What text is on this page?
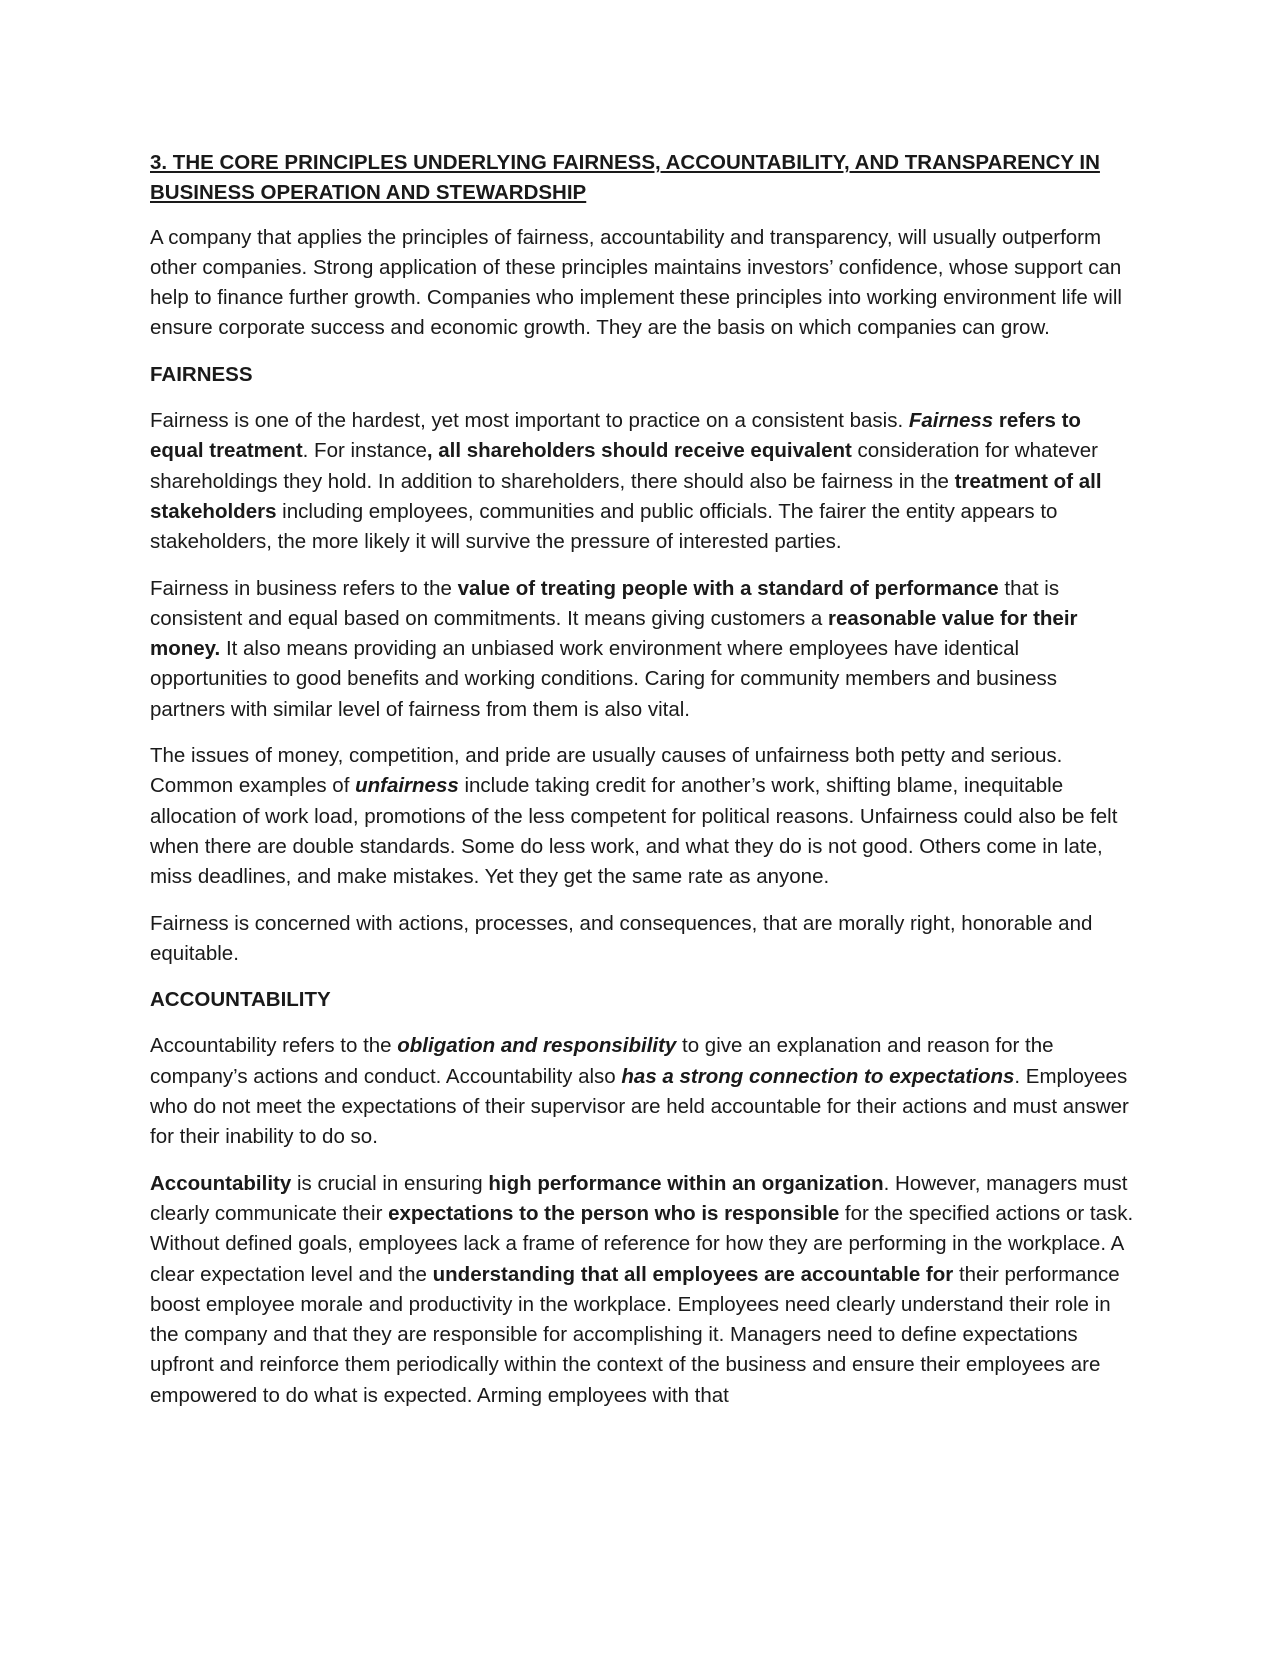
3. THE CORE PRINCIPLES UNDERLYING FAIRNESS, ACCOUNTABILITY, AND TRANSPARENCY IN BUSINESS OPERATION AND STEWARDSHIP

A company that applies the principles of fairness, accountability and transparency, will usually outperform other companies. Strong application of these principles maintains investors’ confidence, whose support can help to finance further growth. Companies who implement these principles into working environment life will ensure corporate success and economic growth. They are the basis on which companies can grow.

FAIRNESS

Fairness is one of the hardest, yet most important to practice on a consistent basis. Fairness refers to equal treatment. For instance, all shareholders should receive equivalent consideration for whatever shareholdings they hold. In addition to shareholders, there should also be fairness in the treatment of all stakeholders including employees, communities and public officials. The fairer the entity appears to stakeholders, the more likely it will survive the pressure of interested parties.

Fairness in business refers to the value of treating people with a standard of performance that is consistent and equal based on commitments. It means giving customers a reasonable value for their money. It also means providing an unbiased work environment where employees have identical opportunities to good benefits and working conditions. Caring for community members and business partners with similar level of fairness from them is also vital.

The issues of money, competition, and pride are usually causes of unfairness both petty and serious. Common examples of unfairness include taking credit for another’s work, shifting blame, inequitable allocation of work load, promotions of the less competent for political reasons. Unfairness could also be felt when there are double standards. Some do less work, and what they do is not good. Others come in late, miss deadlines, and make mistakes. Yet they get the same rate as anyone.

Fairness is concerned with actions, processes, and consequences, that are morally right, honorable and equitable.

ACCOUNTABILITY

Accountability refers to the obligation and responsibility to give an explanation and reason for the company’s actions and conduct. Accountability also has a strong connection to expectations. Employees who do not meet the expectations of their supervisor are held accountable for their actions and must answer for their inability to do so.

Accountability is crucial in ensuring high performance within an organization. However, managers must clearly communicate their expectations to the person who is responsible for the specified actions or task. Without defined goals, employees lack a frame of reference for how they are performing in the workplace. A clear expectation level and the understanding that all employees are accountable for their performance boost employee morale and productivity in the workplace. Employees need clearly understand their role in the company and that they are responsible for accomplishing it. Managers need to define expectations upfront and reinforce them periodically within the context of the business and ensure their employees are empowered to do what is expected. Arming employees with that
